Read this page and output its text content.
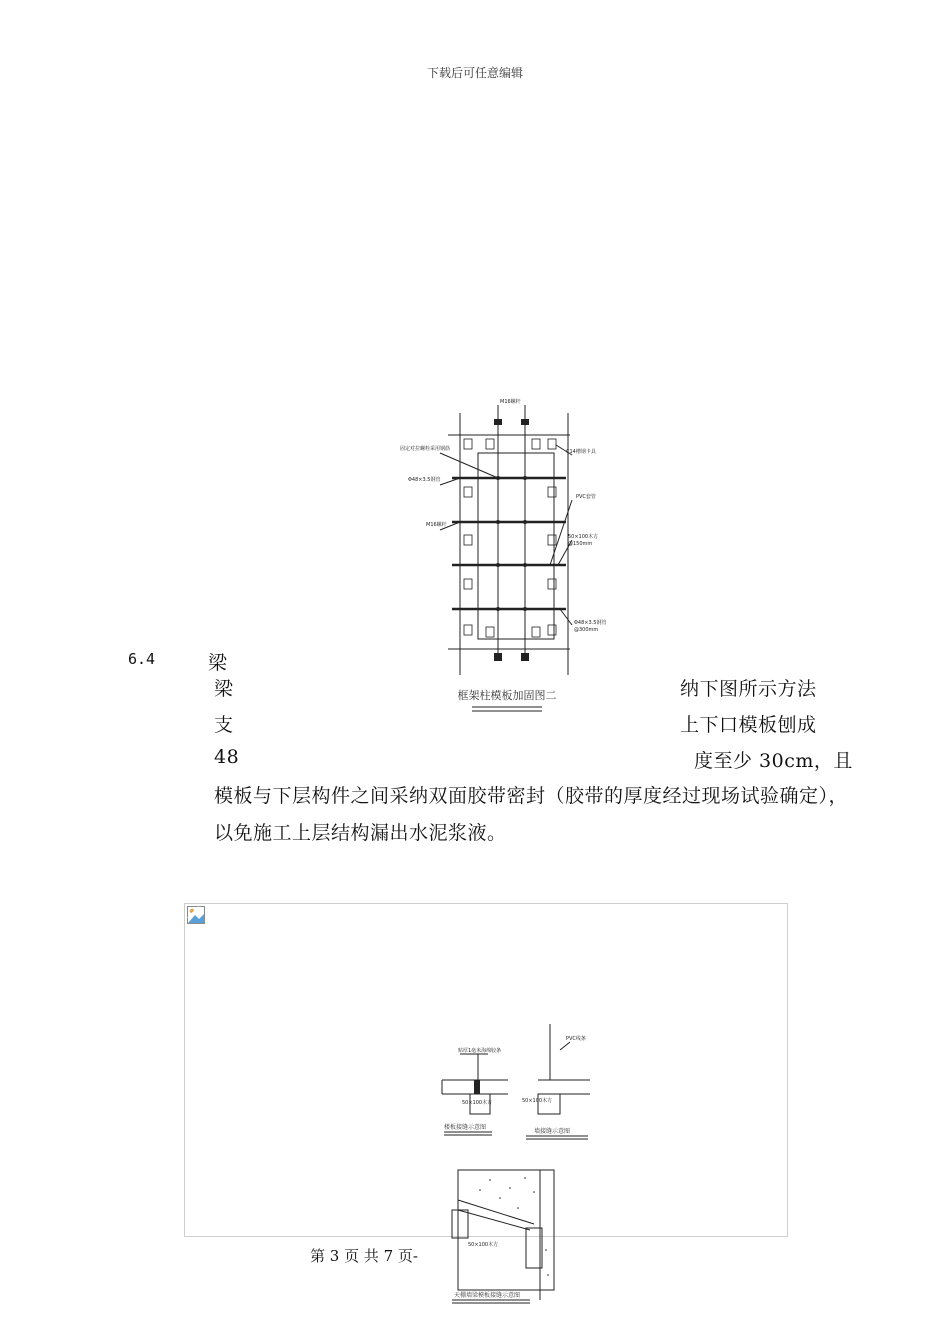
下载后可任意编辑
M16螺杆
固定对拉螺栓采用钢筋	C14槽钢卡具
Φ48×3.5钢管
PVC套管
M16螺杆
50×100木方
@150mm
Φ48×3.5钢管
@300mm
框架柱模板加固图二
6.4	梁
梁
支
48
模板与下层构件之间采纳双面胶带密封（胶带的厚度经过现场试验确定），
以免施工上层结构漏出水泥浆液。
纳下图所示方法
上下口模板刨成
度至少 30cm，且
贴厚1毫米海绵胶条
PVC线条
50×100木方	50×100木方
50×100木方
楼板接缝示意图
墙接缝示意图
天棚墙梁模板接缝示意图
第 3 页 共 7 页-
